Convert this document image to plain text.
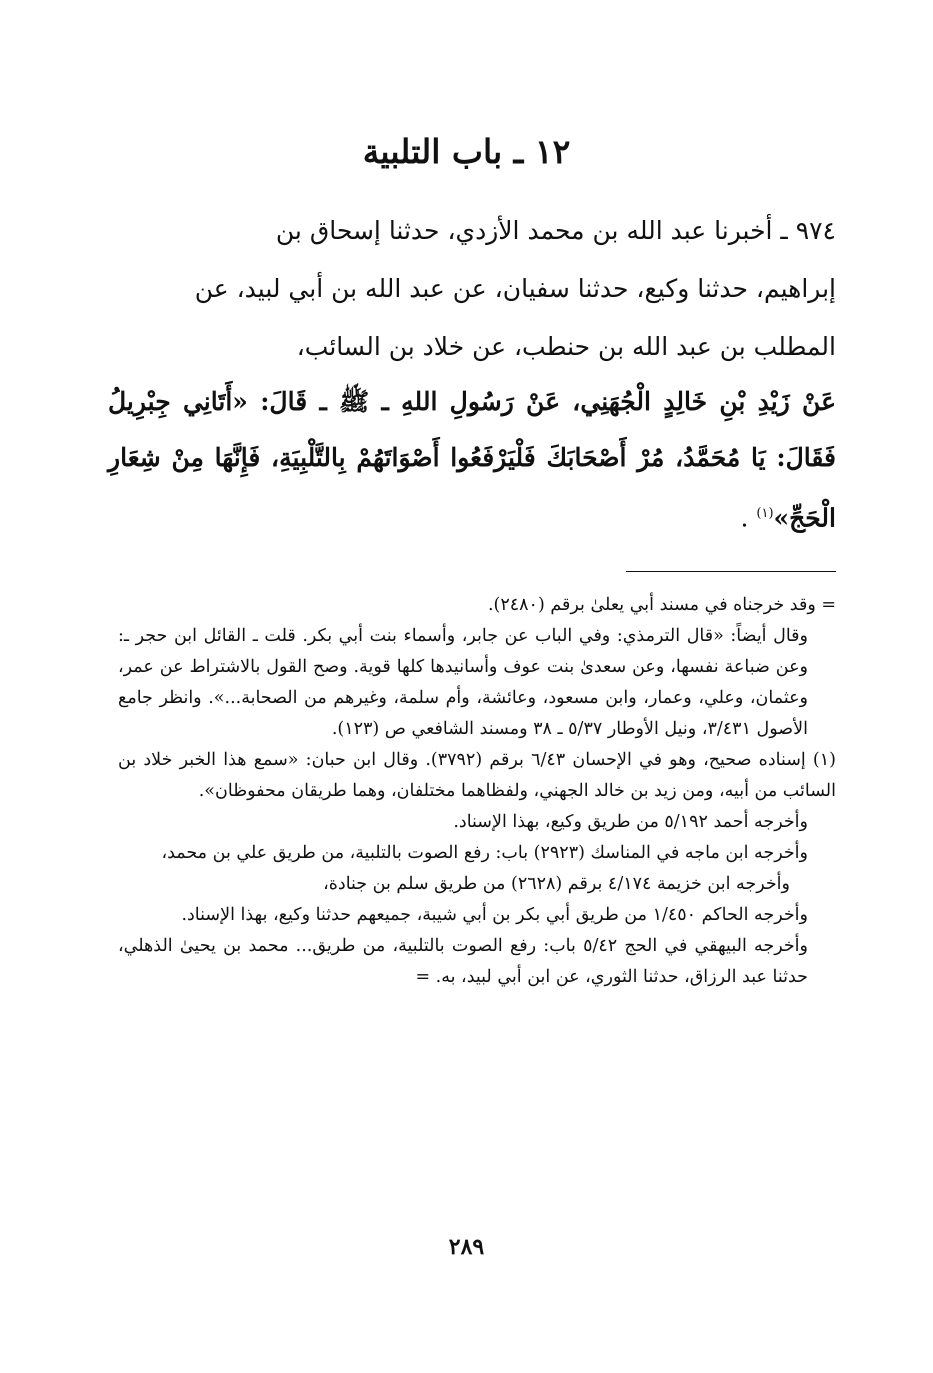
١٢ ـ باب التلبية

٩٧٤ ـ أخبرنا عبد الله بن محمد الأزدي، حدثنا إسحاق بن

إبراهيم، حدثنا وكيع، حدثنا سفيان، عن عبد الله بن أبي لبيد، عن

المطلب بن عبد الله بن حنطب، عن خلاد بن السائب،

عَنْ زَيْدِ بْنِ خَالِدٍ الْجُهَنِي، عَنْ رَسُولِ اللهِ ـ ﷺ ـ قَالَ: «أَتَانِي جِبْرِيلُ فَقَالَ: يَا مُحَمَّدُ، مُرْ أَصْحَابَكَ فَلْيَرْفَعُوا أَصْوَاتَهُمْ بِالتَّلْبِيَةِ، فَإِنَّهَا مِنْ شِعَارِ الْحَجِّ»$^{(١)}$ .

= وقد خرجناه في مسند أبي يعلىٰ برقم (٢٤٨٠).

وقال أيضاً: «قال الترمذي: وفي الباب عن جابر، وأسماء بنت أبي بكر. قلت ـ القائل ابن حجر ـ: وعن ضباعة نفسها، وعن سعدىٰ بنت عوف وأسانيدها كلها قوية. وصح القول بالاشتراط عن عمر، وعثمان، وعلي، وعمار، وابن مسعود، وعائشة، وأم سلمة، وغيرهم من الصحابة...». وانظر جامع الأصول ٣/٤٣١، ونيل الأوطار ٥/٣٧ ـ ٣٨ ومسند الشافعي ص (١٢٣).

(١) إسناده صحيح، وهو في الإحسان ٦/٤٣ برقم (٣٧٩٢). وقال ابن حبان: «سمع هذا الخبر خلاد بن السائب من أبيه، ومن زيد بن خالد الجهني، ولفظاهما مختلفان، وهما طريقان محفوظان».

وأخرجه أحمد ٥/١٩٢ من طريق وكيع، بهذا الإسناد.

وأخرجه ابن ماجه في المناسك (٢٩٢٣) باب: رفع الصوت بالتلبية، من طريق علي بن محمد،

وأخرجه ابن خزيمة ٤/١٧٤ برقم (٢٦٢٨) من طريق سلم بن جنادة،

وأخرجه الحاكم ١/٤٥٠ من طريق أبي بكر بن أبي شيبة، جميعهم حدثنا وكيع، بهذا الإسناد.

وأخرجه البيهقي في الحج ٥/٤٢ باب: رفع الصوت بالتلبية، من طريق... محمد بن يحيىٰ الذهلي، حدثنا عبد الرزاق، حدثنا الثوري، عن ابن أبي لبيد، به. =

٢٨٩
